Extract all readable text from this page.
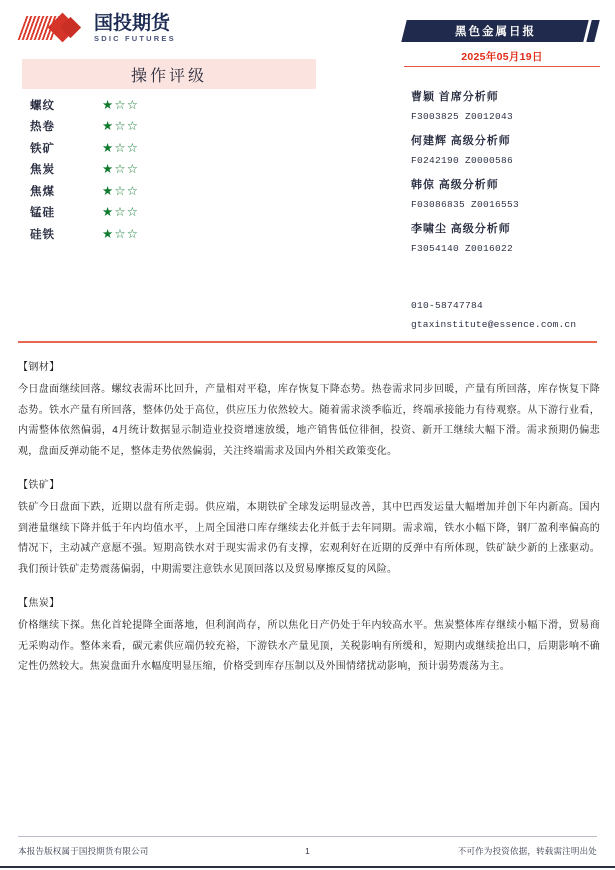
国投期货
SDIC FUTURES
操作评级
螺纹	★☆☆
热卷	★☆☆
铁矿	★☆☆
焦炭	★☆☆
焦煤	★☆☆
锰硅	★☆☆
硅铁	★☆☆
黑色金属日报
2025年05月19日
曹颖 首席分析师
F3003825 Z0012043
何建辉 高级分析师
F0242190 Z0000586
韩倞 高级分析师
F03086835 Z0016553
李啸尘 高级分析师
F3054140 Z0016022
010-58747784
gtaxinstitute@essence.com.cn
【钢材】
今日盘面继续回落。螺纹表需环比回升，产量相对平稳，库存恢复下降态势。热卷需求同步回暖，产量有所回落，库存恢复下降态势。铁水产量有所回落，整体仍处于高位，供应压力依然较大。随着需求淡季临近，终端承接能力有待观察。从下游行业看，内需整体依然偏弱，4月统计数据显示制造业投资增速放缓，地产销售低位徘徊，投资、新开工继续大幅下滑。需求预期仍偏悲观，盘面反弹动能不足，整体走势依然偏弱，关注终端需求及国内外相关政策变化。
【铁矿】
铁矿今日盘面下跌，近期以盘有所走弱。供应端，本期铁矿全球发运明显改善，其中巴西发运量大幅增加并创下年内新高。国内到港量继续下降并低于年内均值水平，上周全国港口库存继续去化并低于去年同期。需求端，铁水小幅下降，钢厂盈利率偏高的情况下，主动减产意愿不强。短期高铁水对于现实需求仍有支撑，宏观利好在近期的反弹中有所体现，铁矿缺少新的上涨驱动。我们预计铁矿走势震荡偏弱，中期需要注意铁水见顶回落以及贸易摩擦反复的风险。
【焦炭】
价格继续下探。焦化首轮提降全面落地，但利润尚存，所以焦化日产仍处于年内较高水平。焦炭整体库存继续小幅下滑，贸易商无采购动作。整体来看，碳元素供应端仍较充裕，下游铁水产量见顶，关税影响有所缓和，短期内或继续抢出口，后期影响不确定性仍然较大。焦炭盘面升水幅度明显压缩，价格受到库存压制以及外围情绪扰动影响，预计弱势震荡为主。
本报告版权属于国投期货有限公司	1	不可作为投资依据，转载需注明出处
